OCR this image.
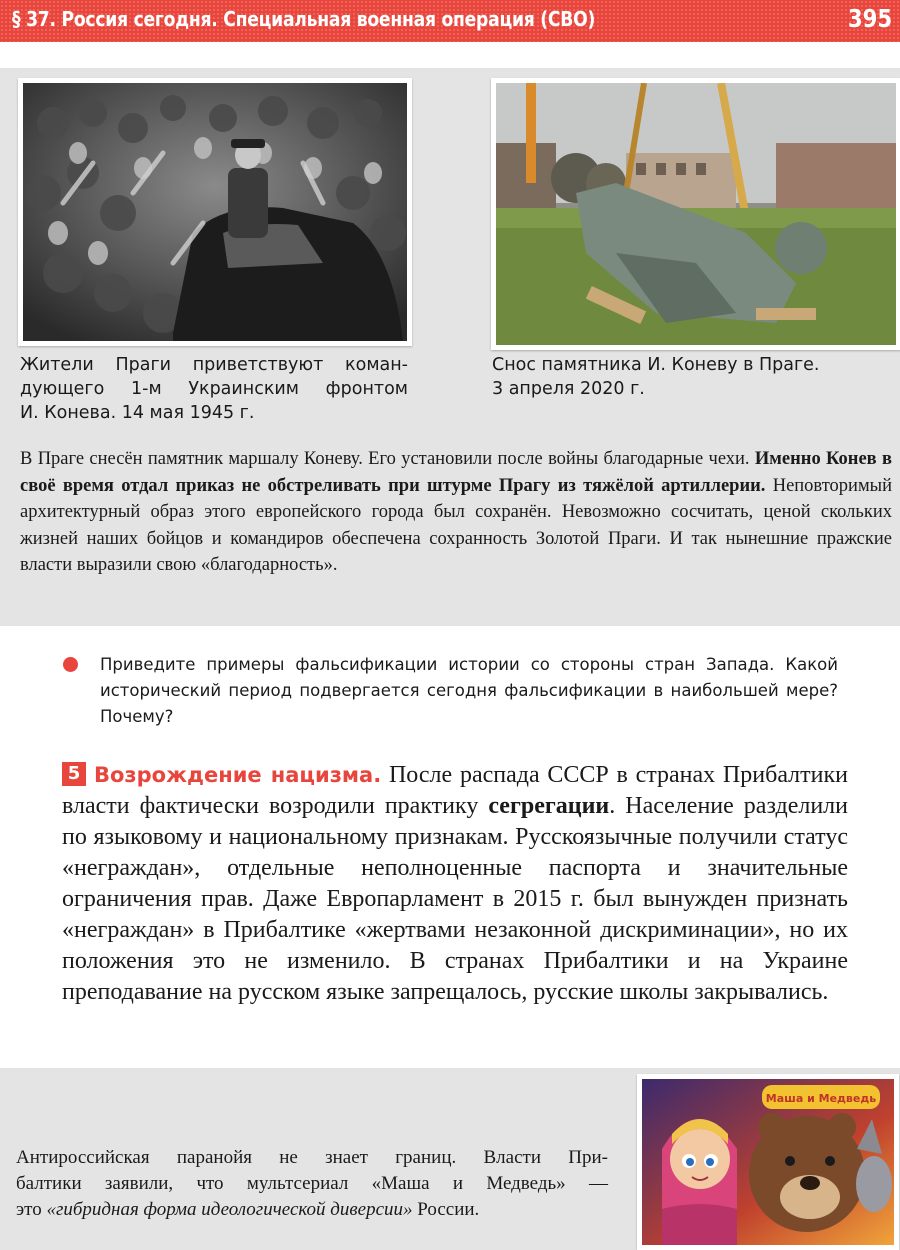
§ 37. Россия сегодня. Специальная военная операция (СВО)	395
Жители Праги приветствуют коман-
дующего 1-м Украинским фронтом
И. Конева. 14 мая 1945 г.
Снос памятника И. Коневу в Праге.
3 апреля 2020 г.
В Праге снесён памятник маршалу Коневу. Его установили после войны благодарные чехи. Именно Конев в своё время отдал приказ не обстреливать при штурме Прагу из тяжёлой артиллерии. Неповторимый архитектурный образ этого европейского города был сохранён. Невозможно сосчитать, ценой скольких жизней наших бойцов и командиров обеспечена сохранность Золотой Праги. И так нынешние пражские власти выразили свою «благодарность».
Приведите примеры фальсификации истории со стороны стран Запада. Какой исторический период подвергается сегодня фальсификации в наибольшей мере? Почему?
5 Возрождение нацизма. После распада СССР в странах Прибалтики власти фактически возродили практику сегрегации. Население разделили по языковому и национальному признакам. Русскоязычные получили статус «неграждан», отдельные неполноценные паспорта и значительные ограничения прав. Даже Европарламент в 2015 г. был вынужден признать «неграждан» в Прибалтике «жертвами незаконной дискриминации», но их положения это не изменило. В странах Прибалтики и на Украине преподавание на русском языке запрещалось, русские школы закрывались.
Антироссийская паранойя не знает границ. Власти При-
балтики заявили, что мультсериал «Маша и Медведь» —
это «гибридная форма идеологической диверсии» России.
Маша и Медведь
